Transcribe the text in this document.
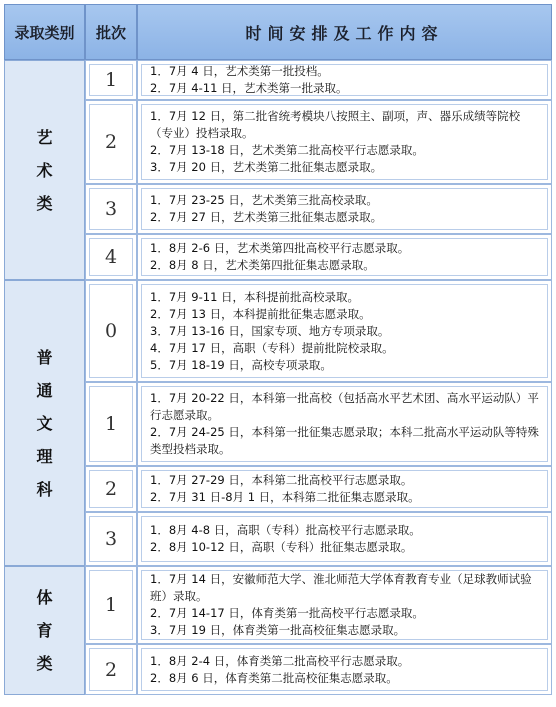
录取类别	批次	时间安排及工作内容
艺术类	1	1．7月 4 日，艺术类第一批投档。
2．7月 4-11 日，艺术类第一批录取。

	2	1．7月 12 日，第二批省统考模块八按照主、副项，声、器乐成绩等院校（专业）投档录取。
2．7月 13-18 日，艺术类第二批高校平行志愿录取。
3．7月 20 日，艺术类第二批征集志愿录取。

	3	1．7月 23-25 日，艺术类第三批高校录取。
2．7月 27 日，艺术类第三批征集志愿录取。

	4	1．8月 2-6 日，艺术类第四批高校平行志愿录取。
2．8月 8 日，艺术类第四批征集志愿录取。

普通文理科	0	1．7月 9-11 日，本科提前批高校录取。
2．7月 13 日，本科提前批征集志愿录取。
3．7月 13-16 日，国家专项、地方专项录取。
4．7月 17 日，高职（专科）提前批院校录取。
5．7月 18-19 日，高校专项录取。

	1	1．7月 20-22 日，本科第一批高校（包括高水平艺术团、高水平运动队）平行志愿录取。
2．7月 24-25 日，本科第一批征集志愿录取；本科二批高水平运动队等特殊类型投档录取。

	2	1．7月 27-29 日，本科第二批高校平行志愿录取。
2．7月 31 日-8月 1 日，本科第二批征集志愿录取。

	3	1．8月 4-8 日，高职（专科）批高校平行志愿录取。
2．8月 10-12 日，高职（专科）批征集志愿录取。

体育类	1	1．7月 14 日，安徽师范大学、淮北师范大学体育教育专业（足球教师试验班）录取。
2．7月 14-17 日，体育类第一批高校平行志愿录取。
3．7月 19 日，体育类第一批高校征集志愿录取。

	2	1．8月 2-4 日，体育类第二批高校平行志愿录取。
2．8月 6 日，体育类第二批高校征集志愿录取。
